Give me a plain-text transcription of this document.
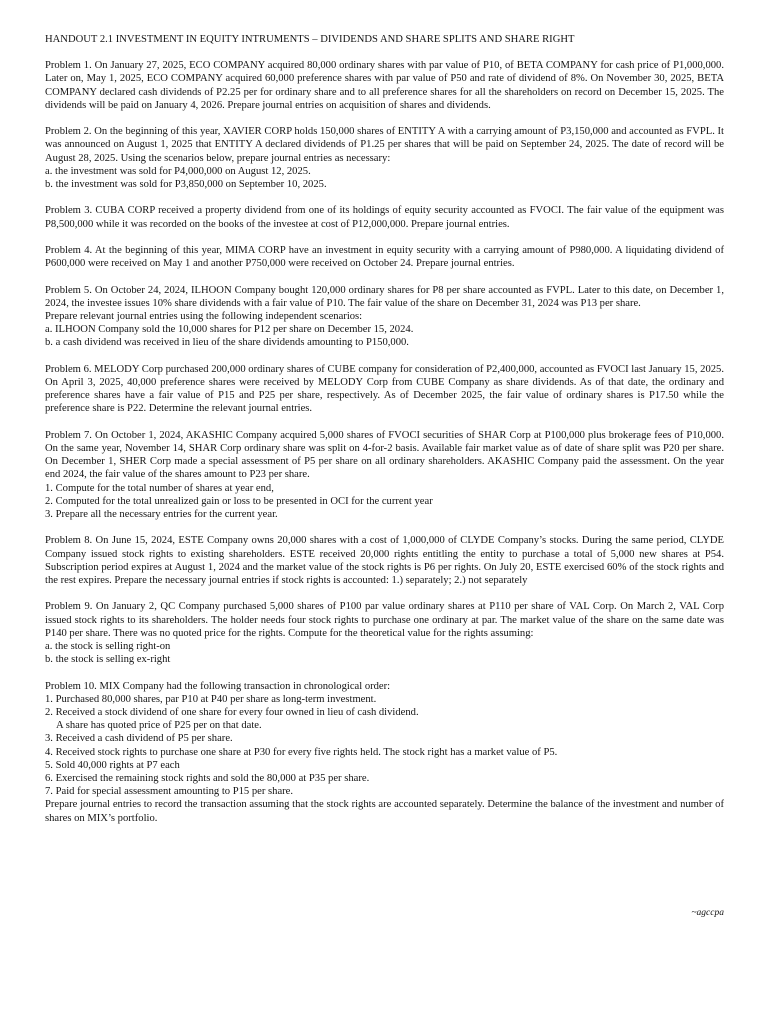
HANDOUT 2.1 INVESTMENT IN EQUITY INTRUMENTS – DIVIDENDS AND SHARE SPLITS AND SHARE RIGHT

Problem 1. On January 27, 2025, ECO COMPANY acquired 80,000 ordinary shares with par value of P10, of BETA COMPANY for cash price of P1,000,000. Later on, May 1, 2025, ECO COMPANY acquired 60,000 preference shares with par value of P50 and rate of dividend of 8%. On November 30, 2025, BETA COMPANY declared cash dividends of P2.25 per for ordinary share and to all preference shares for all the shareholders on record on December 15, 2025. The dividends will be paid on January 4, 2026. Prepare journal entries on acquisition of shares and dividends.

Problem 2. On the beginning of this year, XAVIER CORP holds 150,000 shares of ENTITY A with a carrying amount of P3,150,000 and accounted as FVPL. It was announced on August 1, 2025 that ENTITY A declared dividends of P1.25 per shares that will be paid on September 24, 2025. The date of record will be August 28, 2025. Using the scenarios below, prepare journal entries as necessary:

a. the investment was sold for P4,000,000 on August 12, 2025.
b. the investment was sold for P3,850,000 on September 10, 2025.

Problem 3. CUBA CORP received a property dividend from one of its holdings of equity security accounted as FVOCI. The fair value of the equipment was P8,500,000 while it was recorded on the books of the investee at cost of P12,000,000. Prepare journal entries.

Problem 4. At the beginning of this year, MIMA CORP have an investment in equity security with a carrying amount of P980,000. A liquidating dividend of P600,000 were received on May 1 and another P750,000 were received on October 24. Prepare journal entries.

Problem 5. On October 24, 2024, ILHOON Company bought 120,000 ordinary shares for P8 per share accounted as FVPL. Later to this date, on December 1, 2024, the investee issues 10% share dividends with a fair value of P10. The fair value of the share on December 31, 2024 was P13 per share.

Prepare relevant journal entries using the following independent scenarios:
a. ILHOON Company sold the 10,000 shares for P12 per share on December 15, 2024.
b. a cash dividend was received in lieu of the share dividends amounting to P150,000.

Problem 6. MELODY Corp purchased 200,000 ordinary shares of CUBE company for consideration of P2,400,000, accounted as FVOCI last January 15, 2025. On April 3, 2025, 40,000 preference shares were received by MELODY Corp from CUBE Company as share dividends. As of that date, the ordinary and preference shares have a fair value of P15 and P25 per share, respectively. As of December 2025, the fair value of ordinary shares is P17.50 while the preference share is P22. Determine the relevant journal entries.

Problem 7. On October 1, 2024, AKASHIC Company acquired 5,000 shares of FVOCI securities of SHAR Corp at P100,000 plus brokerage fees of P10,000. On the same year, November 14, SHAR Corp ordinary share was split on 4-for-2 basis. Available fair market value as of date of share split was P20 per share. On December 1, SHER Corp made a special assessment of P5 per share on all ordinary shareholders. AKASHIC Company paid the assessment. On the year end 2024, the fair value of the shares amount to P23 per share.

1. Compute for the total number of shares at year end,
2. Computed for the total unrealized gain or loss to be presented in OCI for the current year
3. Prepare all the necessary entries for the current year.

Problem 8. On June 15, 2024, ESTE Company owns 20,000 shares with a cost of 1,000,000 of CLYDE Company’s stocks. During the same period, CLYDE Company issued stock rights to existing shareholders. ESTE received 20,000 rights entitling the entity to purchase a total of 5,000 new shares at P54. Subscription period expires at August 1, 2024 and the market value of the stock rights is P6 per rights. On July 20, ESTE exercised 60% of the stock rights and the rest expires. Prepare the necessary journal entries if stock rights is accounted: 1.) separately; 2.) not separately

Problem 9. On January 2, QC Company purchased 5,000 shares of P100 par value ordinary shares at P110 per share of VAL Corp. On March 2, VAL Corp issued stock rights to its shareholders. The holder needs four stock rights to purchase one ordinary at par. The market value of the share on the same date was P140 per share. There was no quoted price for the rights. Compute for the theoretical value for the rights assuming:

a. the stock is selling right-on
b. the stock is selling ex-right

Problem 10. MIX Company had the following transaction in chronological order:

1. Purchased 80,000 shares, par P10 at P40 per share as long-term investment.
2. Received a stock dividend of one share for every four owned in lieu of cash dividend.
A share has quoted price of P25 per on that date.
3. Received a cash dividend of P5 per share.
4. Received stock rights to purchase one share at P30 for every five rights held. The stock right has a market value of P5.
5. Sold 40,000 rights at P7 each
6. Exercised the remaining stock rights and sold the 80,000 at P35 per share.
7. Paid for special assessment amounting to P15 per share.

Prepare journal entries to record the transaction assuming that the stock rights are accounted separately. Determine the balance of the investment and number of shares on MIX’s portfolio.

~agccpa
